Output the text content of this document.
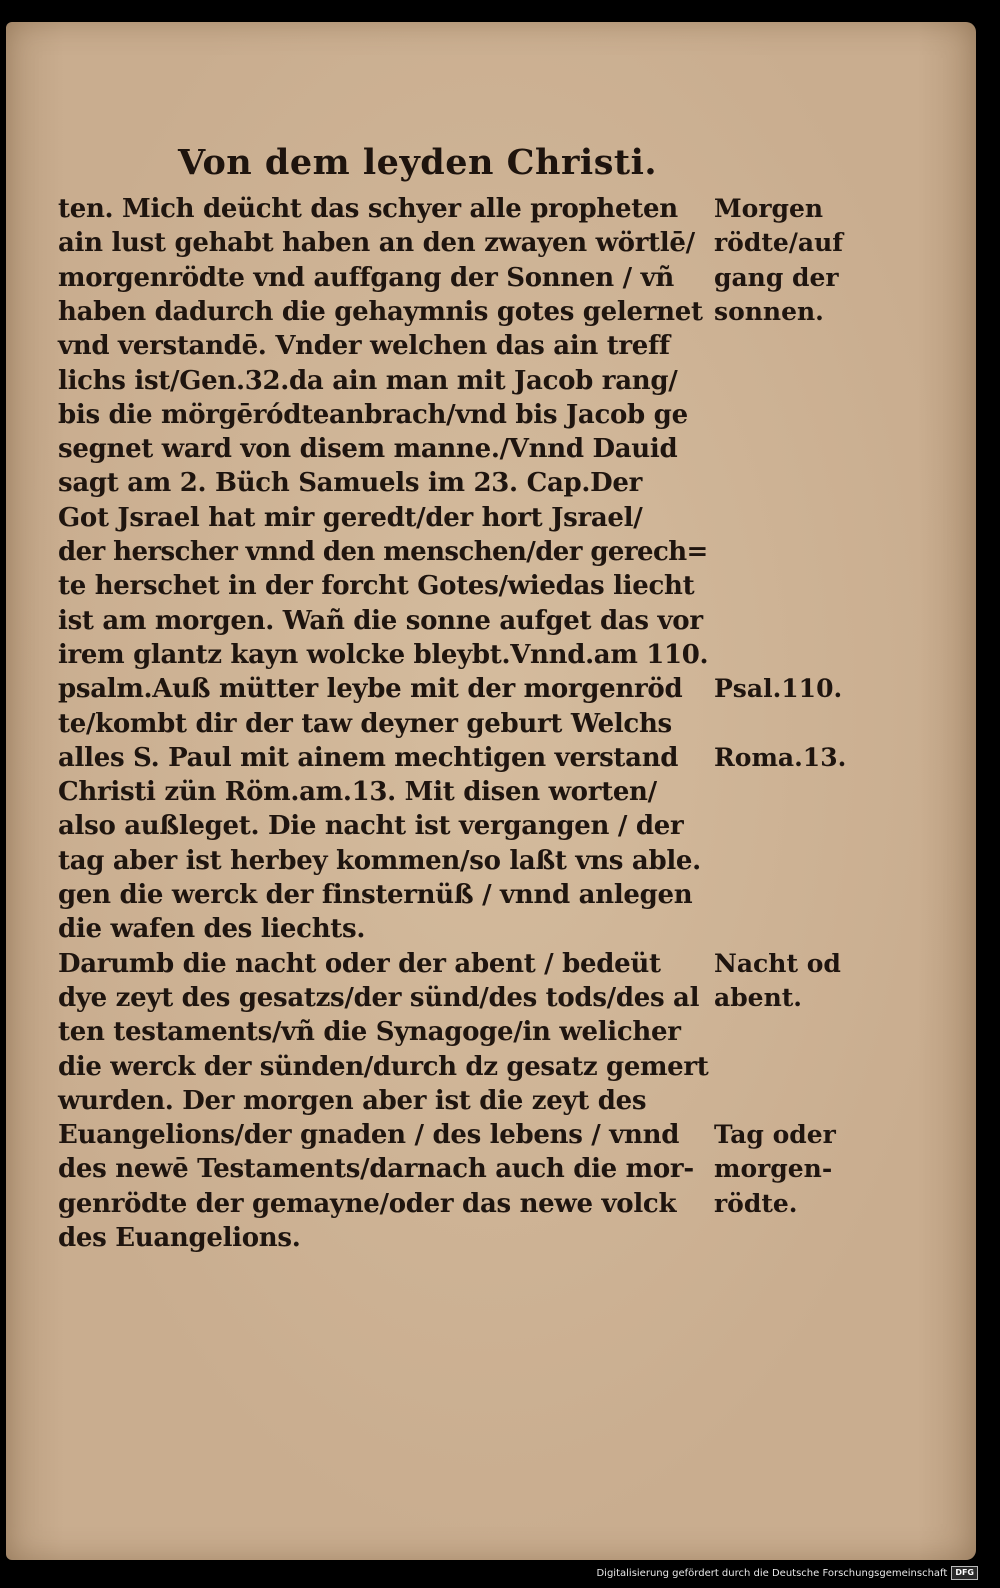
Von dem leyden Christi.
ten. Mich deücht das schyer alle propheten
ain lust gehabt haben an den zwayen wörtlē/
morgenrödte vnd auffgang der Sonnen / vñ
haben dadurch die gehaymnis gotes gelernet
vnd verstandē. Vnder welchen das ain treff
lichs ist/Gen.32.da ain man mit Jacob rang/
bis die mörgēródteanbrach/vnd bis Jacob ge
segnet ward von disem manne./Vnnd Dauid
sagt am 2. Büch Samuels im 23. Cap.Der
Got Jsrael hat mir geredt/der hort Jsrael/
der herscher vnnd den menschen/der gerech=
te herschet in der forcht Gotes/wiedas liecht
ist am morgen. Wañ die sonne aufget das vor
irem glantz kayn wolcke bleybt.Vnnd.am 110.
psalm.Auß mütter leybe mit der morgenröd
te/kombt dir der taw deyner geburt Welchs
alles S. Paul mit ainem mechtigen verstand
Christi zün Röm.am.13. Mit disen worten/
also außleget. Die nacht ist vergangen / der
tag aber ist herbey kommen/so laßt vns able.
gen die werck der finsternüß / vnnd anlegen
die wafen des liechts.
Darumb die nacht oder der abent / bedeüt
dye zeyt des gesatzs/der sünd/des tods/des al
ten testaments/vñ die Synagoge/in welicher
die werck der sünden/durch dz gesatz gemert
wurden. Der morgen aber ist die zeyt des
Euangelions/der gnaden / des lebens / vnnd
des newē Testaments/darnach auch die mor-
genrödte der gemayne/oder das newe volck
des Euangelions.
Morgen
rödte/auf
gang der
sonnen.
Psal.110.
Roma.13.
Nacht od
abent.
Tag oder
morgen-
rödte.
Digitalisierung gefördert durch die Deutsche Forschungsgemeinschaft	DFG
